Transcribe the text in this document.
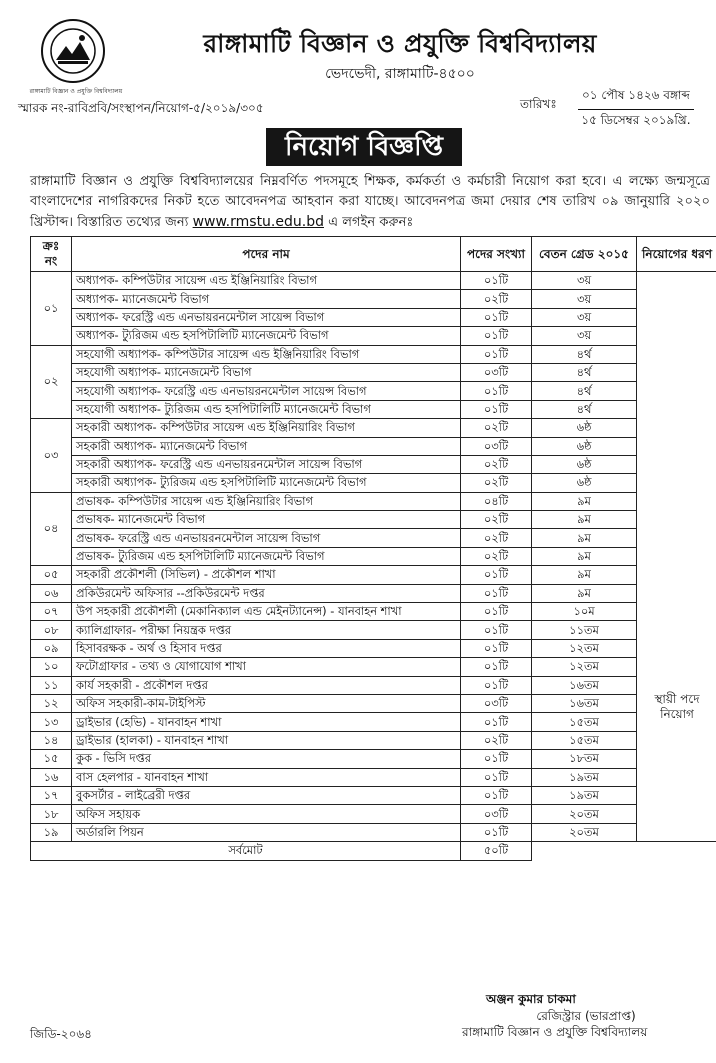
রাঙ্গামাটি বিজ্ঞান ও প্রযুক্তি বিশ্ববিদ্যালয়
রাঙ্গামাটি বিজ্ঞান ও প্রযুক্তি বিশ্ববিদ্যালয়
ভেদভেদী, রাঙ্গামাটি-৪৫০০
স্মারক নং-রাবিপ্রবি/সংস্থাপন/নিয়োগ-৫/২০১৯/৩০৫	তারিখঃ
০১ পৌষ ১৪২৬ বঙ্গাব্দ
১৫ ডিসেম্বর ২০১৯খ্রি.
নিয়োগ বিজ্ঞপ্তি
রাঙ্গামাটি বিজ্ঞান ও প্রযুক্তি বিশ্ববিদ্যালয়ের নিম্নবর্ণিত পদসমূহে শিক্ষক, কর্মকর্তা ও কর্মচারী নিয়োগ করা হবে। এ লক্ষ্যে জন্মসূত্রে বাংলাদেশের নাগরিকদের নিকট হতে আবেদনপত্র আহবান করা যাচ্ছে। আবেদনপত্র জমা দেয়ার শেষ তারিখ ০৯ জানুয়ারি ২০২০ খ্রিস্টাব্দ। বিস্তারিত তথ্যের জন্য www.rmstu.edu.bd এ লগইন করুনঃ
ক্রঃ নং	পদের নাম	পদের সংখ্যা	বেতন গ্রেড ২০১৫	নিয়োগের ধরণ
০১	অধ্যাপক- কম্পিউটার সায়েন্স এন্ড ইঞ্জিনিয়ারিং বিভাগ	০১টি	৩য়	স্থায়ী পদে নিয়োগ
	অধ্যাপক- ম্যানেজমেন্ট বিভাগ	০২টি	৩য়	
	অধ্যাপক- ফরেস্ট্রি এন্ড এনভায়রনমেন্টাল সায়েন্স বিভাগ	০১টি	৩য়	
	অধ্যাপক- ট্যুরিজম এন্ড হসপিটালিটি ম্যানেজমেন্ট বিভাগ	০১টি	৩য়	
০২	সহযোগী অধ্যাপক- কম্পিউটার সায়েন্স এন্ড ইঞ্জিনিয়ারিং বিভাগ	০১টি	৪র্থ	
	সহযোগী অধ্যাপক- ম্যানেজমেন্ট বিভাগ	০৩টি	৪র্থ	
	সহযোগী অধ্যাপক- ফরেস্ট্রি এন্ড এনভায়রনমেন্টাল সায়েন্স বিভাগ	০১টি	৪র্থ	
	সহযোগী অধ্যাপক- ট্যুরিজম এন্ড হসপিটালিটি ম্যানেজমেন্ট বিভাগ	০১টি	৪র্থ	
০৩	সহকারী অধ্যাপক- কম্পিউটার সায়েন্স এন্ড ইঞ্জিনিয়ারিং বিভাগ	০২টি	৬ষ্ঠ	
	সহকারী অধ্যাপক- ম্যানেজমেন্ট বিভাগ	০৩টি	৬ষ্ঠ	
	সহকারী অধ্যাপক- ফরেস্ট্রি এন্ড এনভায়রনমেন্টাল সায়েন্স বিভাগ	০২টি	৬ষ্ঠ	
	সহকারী অধ্যাপক- ট্যুরিজম এন্ড হসপিটালিটি ম্যানেজমেন্ট বিভাগ	০২টি	৬ষ্ঠ	
০৪	প্রভাষক- কম্পিউটার সায়েন্স এন্ড ইঞ্জিনিয়ারিং বিভাগ	০৪টি	৯ম	
	প্রভাষক- ম্যানেজমেন্ট বিভাগ	০২টি	৯ম	
	প্রভাষক- ফরেস্ট্রি এন্ড এনভায়রনমেন্টাল সায়েন্স বিভাগ	০২টি	৯ম	
	প্রভাষক- ট্যুরিজম এন্ড হসপিটালিটি ম্যানেজমেন্ট বিভাগ	০২টি	৯ম	
০৫	সহকারী প্রকৌশলী (সিভিল) - প্রকৌশল শাখা	০১টি	৯ম	
০৬	প্রকিউরমেন্ট অফিসার --প্রকিউরমেন্ট দপ্তর	০১টি	৯ম	
০৭	উপ সহকারী প্রকৌশলী (মেকানিক্যাল এন্ড মেইনট্যানেন্স) - যানবাহন শাখা	০১টি	১০ম	
০৮	ক্যালিগ্রাফার- পরীক্ষা নিয়ন্ত্রক দপ্তর	০১টি	১১তম	
০৯	হিসাবরক্ষক - অর্থ ও হিসাব দপ্তর	০১টি	১২তম	
১০	ফটোগ্রাফার - তথ্য ও যোগাযোগ শাখা	০১টি	১২তম	
১১	কার্য সহকারী - প্রকৌশল দপ্তর	০১টি	১৬তম	
১২	অফিস সহকারী-কাম-টাইপিস্ট	০৩টি	১৬তম	
১৩	ড্রাইভার (হেভি) - যানবাহন শাখা	০১টি	১৫তম	
১৪	ড্রাইভার (হালকা) - যানবাহন শাখা	০২টি	১৫তম	
১৫	কুক - ভিসি দপ্তর	০১টি	১৮তম	
১৬	বাস হেলপার - যানবাহন শাখা	০১টি	১৯তম	
১৭	বুকসর্টার - লাইব্রেরী দপ্তর	০১টি	১৯তম	
১৮	অফিস সহায়ক	০৩টি	২০তম	
১৯	অর্ডারলি পিয়ন	০১টি	২০তম	
সর্বমোট		৫০টি		
অঞ্জন কুমার চাকমা
রেজিস্ট্রার (ভারপ্রাপ্ত)
রাঙ্গামাটি বিজ্ঞান ও প্রযুক্তি বিশ্ববিদ্যালয়
জিডি-২০৬৪
